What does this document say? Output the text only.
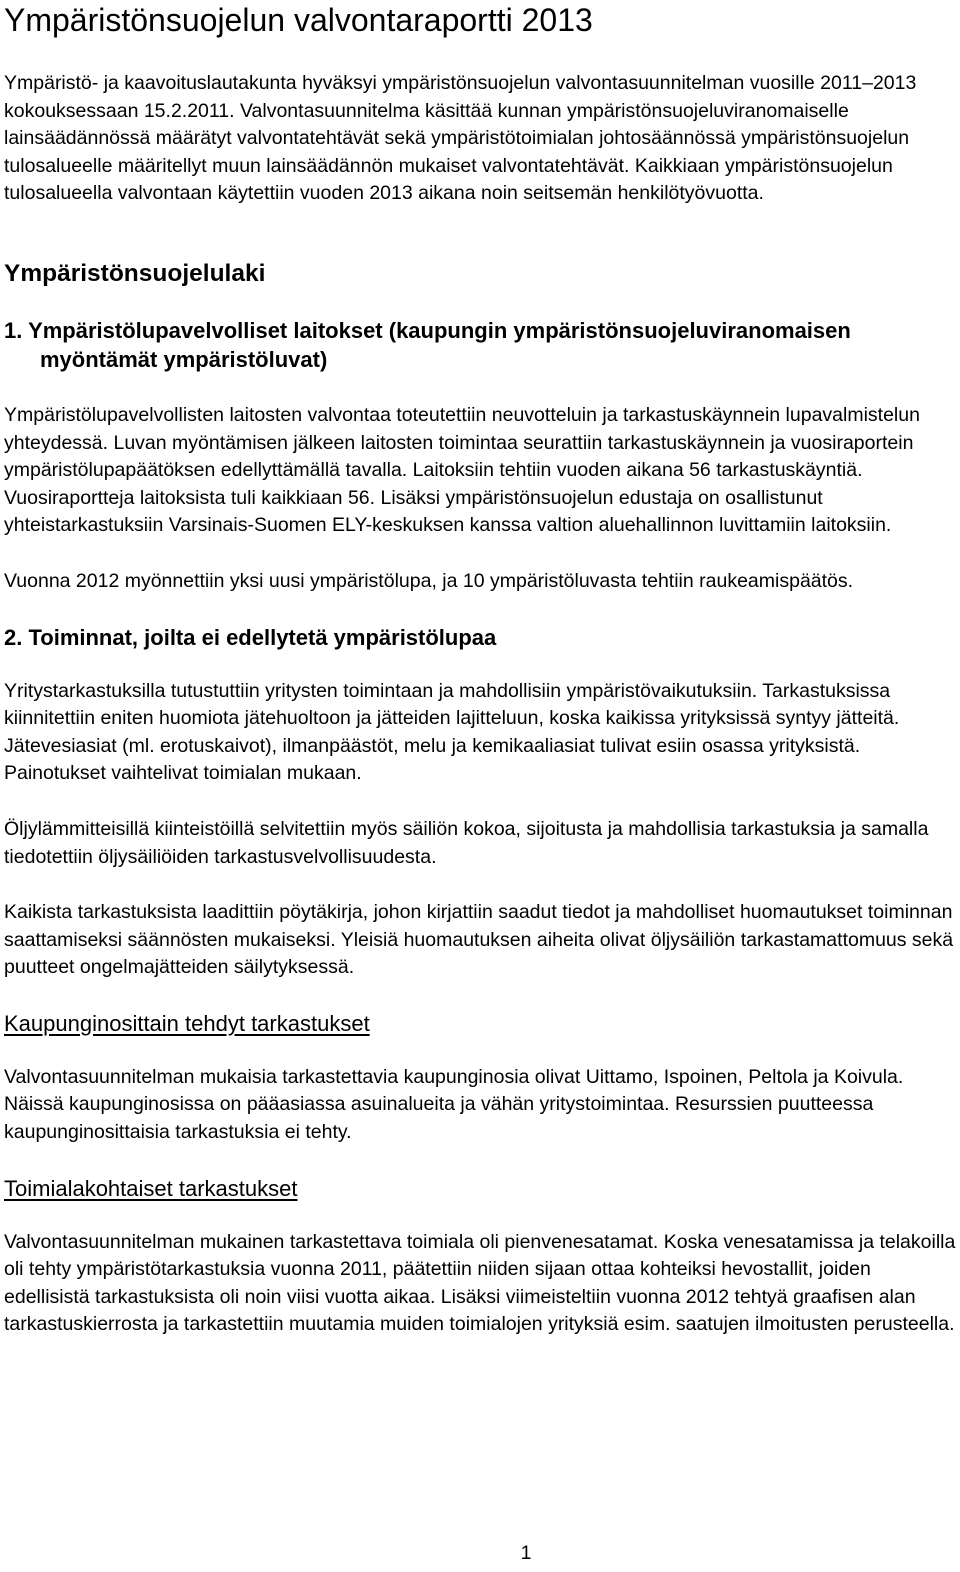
Ympäristönsuojelun valvontaraportti 2013

Ympäristö- ja kaavoituslautakunta hyväksyi ympäristönsuojelun valvontasuunnitelman vuosille 2011–2013 kokouksessaan 15.2.2011. Valvontasuunnitelma käsittää kunnan ympäristönsuojeluviranomaiselle lainsäädännössä määrätyt valvontatehtävät sekä ympäristötoimialan johtosäännössä ympäristönsuojelun tulosalueelle määritellyt muun lainsäädännön mukaiset valvontatehtävät. Kaikkiaan ympäristönsuojelun tulosalueella valvontaan käytettiin vuoden 2013 aikana noin seitsemän henkilötyövuotta.

Ympäristönsuojelulaki
1. Ympäristölupavelvolliset laitokset (kaupungin ympäristönsuojeluviranomaisen myöntämät ympäristöluvat)

Ympäristölupavelvollisten laitosten valvontaa toteutettiin neuvotteluin ja tarkastuskäynnein lupavalmistelun yhteydessä. Luvan myöntämisen jälkeen laitosten toimintaa seurattiin tarkastuskäynnein ja vuosiraportein ympäristölupapäätöksen edellyttämällä tavalla. Laitoksiin tehtiin vuoden aikana 56 tarkastuskäyntiä. Vuosiraportteja laitoksista tuli kaikkiaan 56. Lisäksi ympäristönsuojelun edustaja on osallistunut yhteistarkastuksiin Varsinais-Suomen ELY-keskuksen kanssa valtion aluehallinnon luvittamiin laitoksiin.

Vuonna 2012 myönnettiin yksi uusi ympäristölupa, ja 10 ympäristöluvasta tehtiin raukeamispäätös.

2. Toiminnat, joilta ei edellytetä ympäristölupaa

Yritystarkastuksilla tutustuttiin yritysten toimintaan ja mahdollisiin ympäristövaikutuksiin. Tarkastuksissa kiinnitettiin eniten huomiota jätehuoltoon ja jätteiden lajitteluun, koska kaikissa yrityksissä syntyy jätteitä. Jätevesiasiat (ml. erotuskaivot), ilmanpäästöt, melu ja kemikaaliasiat tulivat esiin osassa yrityksistä. Painotukset vaihtelivat toimialan mukaan.

Öljylämmitteisillä kiinteistöillä selvitettiin myös säiliön kokoa, sijoitusta ja mahdollisia tarkastuksia ja samalla tiedotettiin öljysäiliöiden tarkastusvelvollisuudesta.

Kaikista tarkastuksista laadittiin pöytäkirja, johon kirjattiin saadut tiedot ja mahdolliset huomautukset toiminnan saattamiseksi säännösten mukaiseksi. Yleisiä huomautuksen aiheita olivat öljysäiliön tarkastamattomuus sekä puutteet ongelmajätteiden säilytyksessä.

Kaupunginosittain tehdyt tarkastukset

Valvontasuunnitelman mukaisia tarkastettavia kaupunginosia olivat Uittamo, Ispoinen, Peltola ja Koivula. Näissä kaupunginosissa on pääasiassa asuinalueita ja vähän yritystoimintaa. Resurssien puutteessa kaupunginosittaisia tarkastuksia ei tehty.

Toimialakohtaiset tarkastukset

Valvontasuunnitelman mukainen tarkastettava toimiala oli pienvenesatamat. Koska venesatamissa ja telakoilla oli tehty ympäristötarkastuksia vuonna 2011, päätettiin niiden sijaan ottaa kohteiksi hevostallit, joiden edellisistä tarkastuksista oli noin viisi vuotta aikaa. Lisäksi viimeisteltiin vuonna 2012 tehtyä graafisen alan tarkastuskierrosta ja tarkastettiin muutamia muiden toimialojen yrityksiä esim. saatujen ilmoitusten perusteella.

1
